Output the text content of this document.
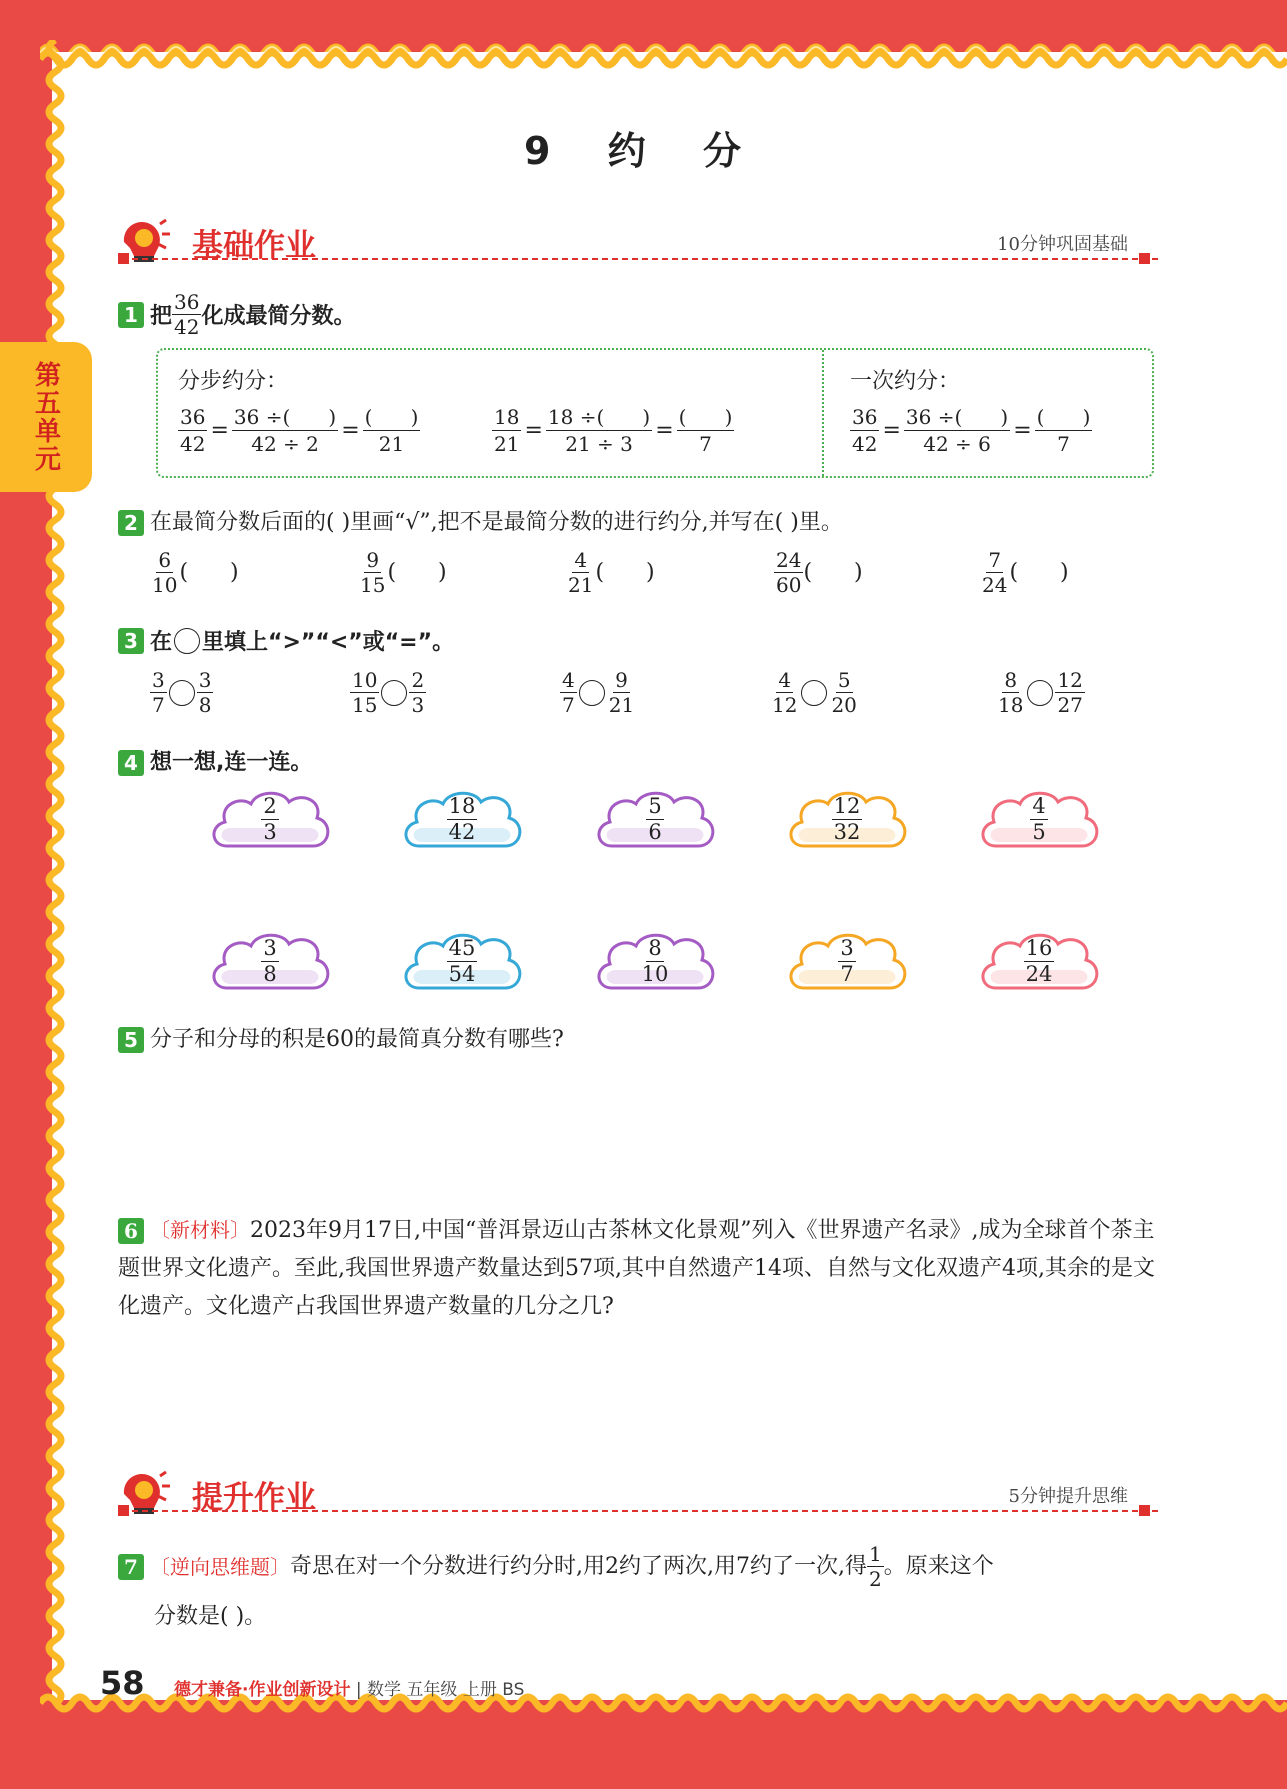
第五单元
9 约 分
基础作业	10分钟巩固基础
1 把 $\frac{36}{42}$ 化成最简分数。
分步约分：	一次约分：
$\frac{36}{42} = \frac{36 \div( )}{42 \div 2} = \frac{( )}{21}$	$\frac{18}{21} = \frac{18 \div( )}{21 \div 3} = \frac{( )}{7}$	$\frac{36}{42} = \frac{36 \div( )}{42 \div 6} = \frac{( )}{7}$
2 在最简分数后面的( )里画“√”,把不是最简分数的进行约分,并写在( )里。
$\frac{6}{10}$ (      )	$\frac{9}{15}$ (      )	$\frac{4}{21}$ (      )	$\frac{24}{60}$ (      )	$\frac{7}{24}$ (      )
3 在 里填上“>”“<”或“=”。
$\frac{3}{7} \frac{3}{8}$	$\frac{10}{15} \frac{2}{3}$	$\frac{4}{7} \frac{9}{21}$	$\frac{4}{12} \frac{5}{20}$	$\frac{8}{18} \frac{12}{27}$
4 想一想,连一连。
$\frac{2}{3}$	$\frac{18}{42}$	$\frac{5}{6}$	$\frac{12}{32}$	$\frac{4}{5}$
$\frac{3}{8}$	$\frac{45}{54}$	$\frac{8}{10}$	$\frac{3}{7}$	$\frac{16}{24}$
5 分子和分母的积是60的最简真分数有哪些?
6 〔新材料〕2023年9月17日,中国“普洱景迈山古茶林文化景观”列入《世界遗产名录》,成为全球首个茶主题世界文化遗产。至此,我国世界遗产数量达到57项,其中自然遗产14项、自然与文化双遗产4项,其余的是文化遗产。文化遗产占我国世界遗产数量的几分之几?
提升作业	5分钟提升思维
7 〔逆向思维题〕 奇思在对一个分数进行约分时,用2约了两次,用7约了一次,得 $\frac{1}{2}$ 。原来这个
分数是( )。
58 德才兼备·作业创新设计 | 数学 五年级 上册 BS
